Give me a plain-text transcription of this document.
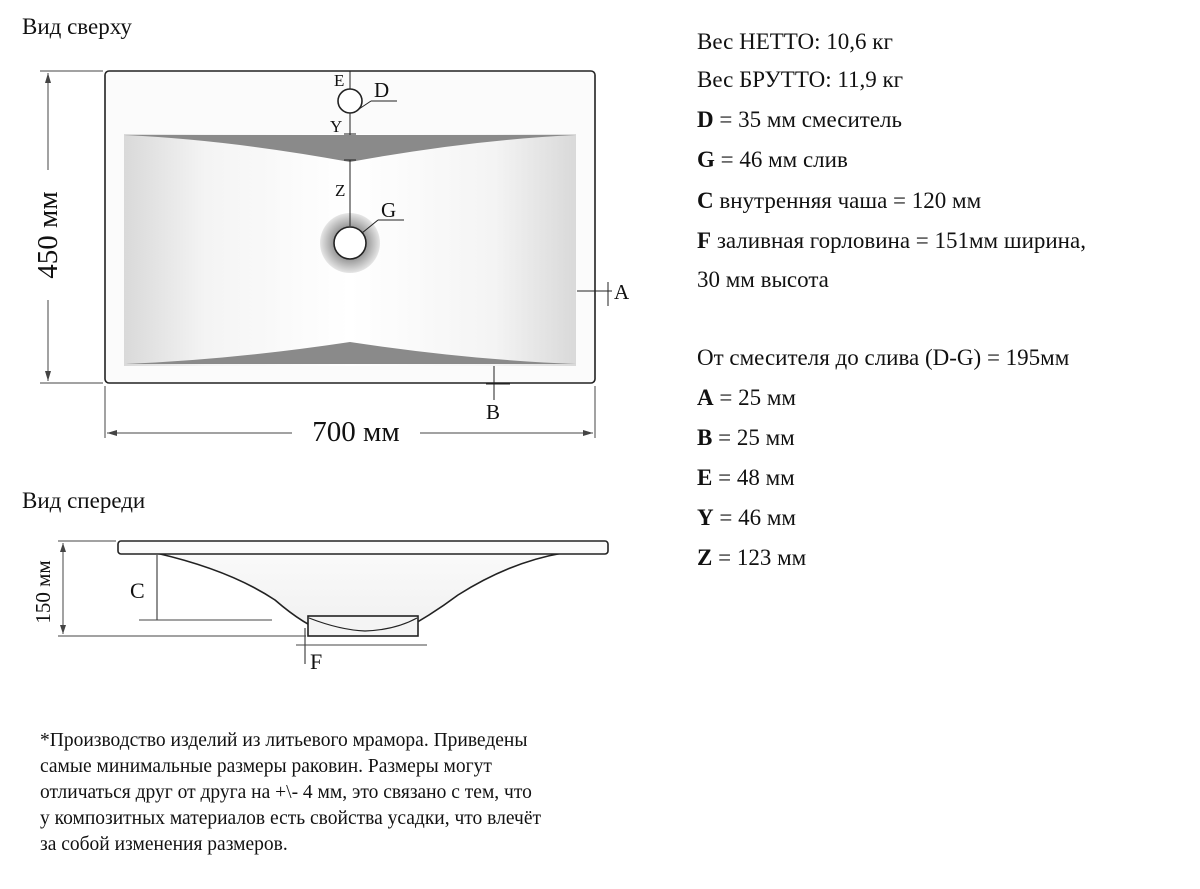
Вид сверху
Вид спереди
E D
Y
Z
G
A
B
700 мм
450 мм
C
F
150 мм
Вес НЕТТО: 10,6 кг
Вес БРУТТО: 11,9 кг
D = 35 мм смеситель
G = 46 мм слив
C внутренняя чаша = 120 мм
F заливная горловина = 151мм ширина,
30 мм высота
От смесителя до слива (D-G) = 195мм
A = 25 мм
B = 25 мм
E = 48 мм
Y = 46 мм
Z = 123 мм
*Производство изделий из литьевого мрамора. Приведены
самые минимальные размеры раковин. Размеры могут
отличаться друг от друга на +\- 4 мм, это связано с тем, что
у композитных материалов есть свойства усадки, что влечёт
за собой изменения размеров.
